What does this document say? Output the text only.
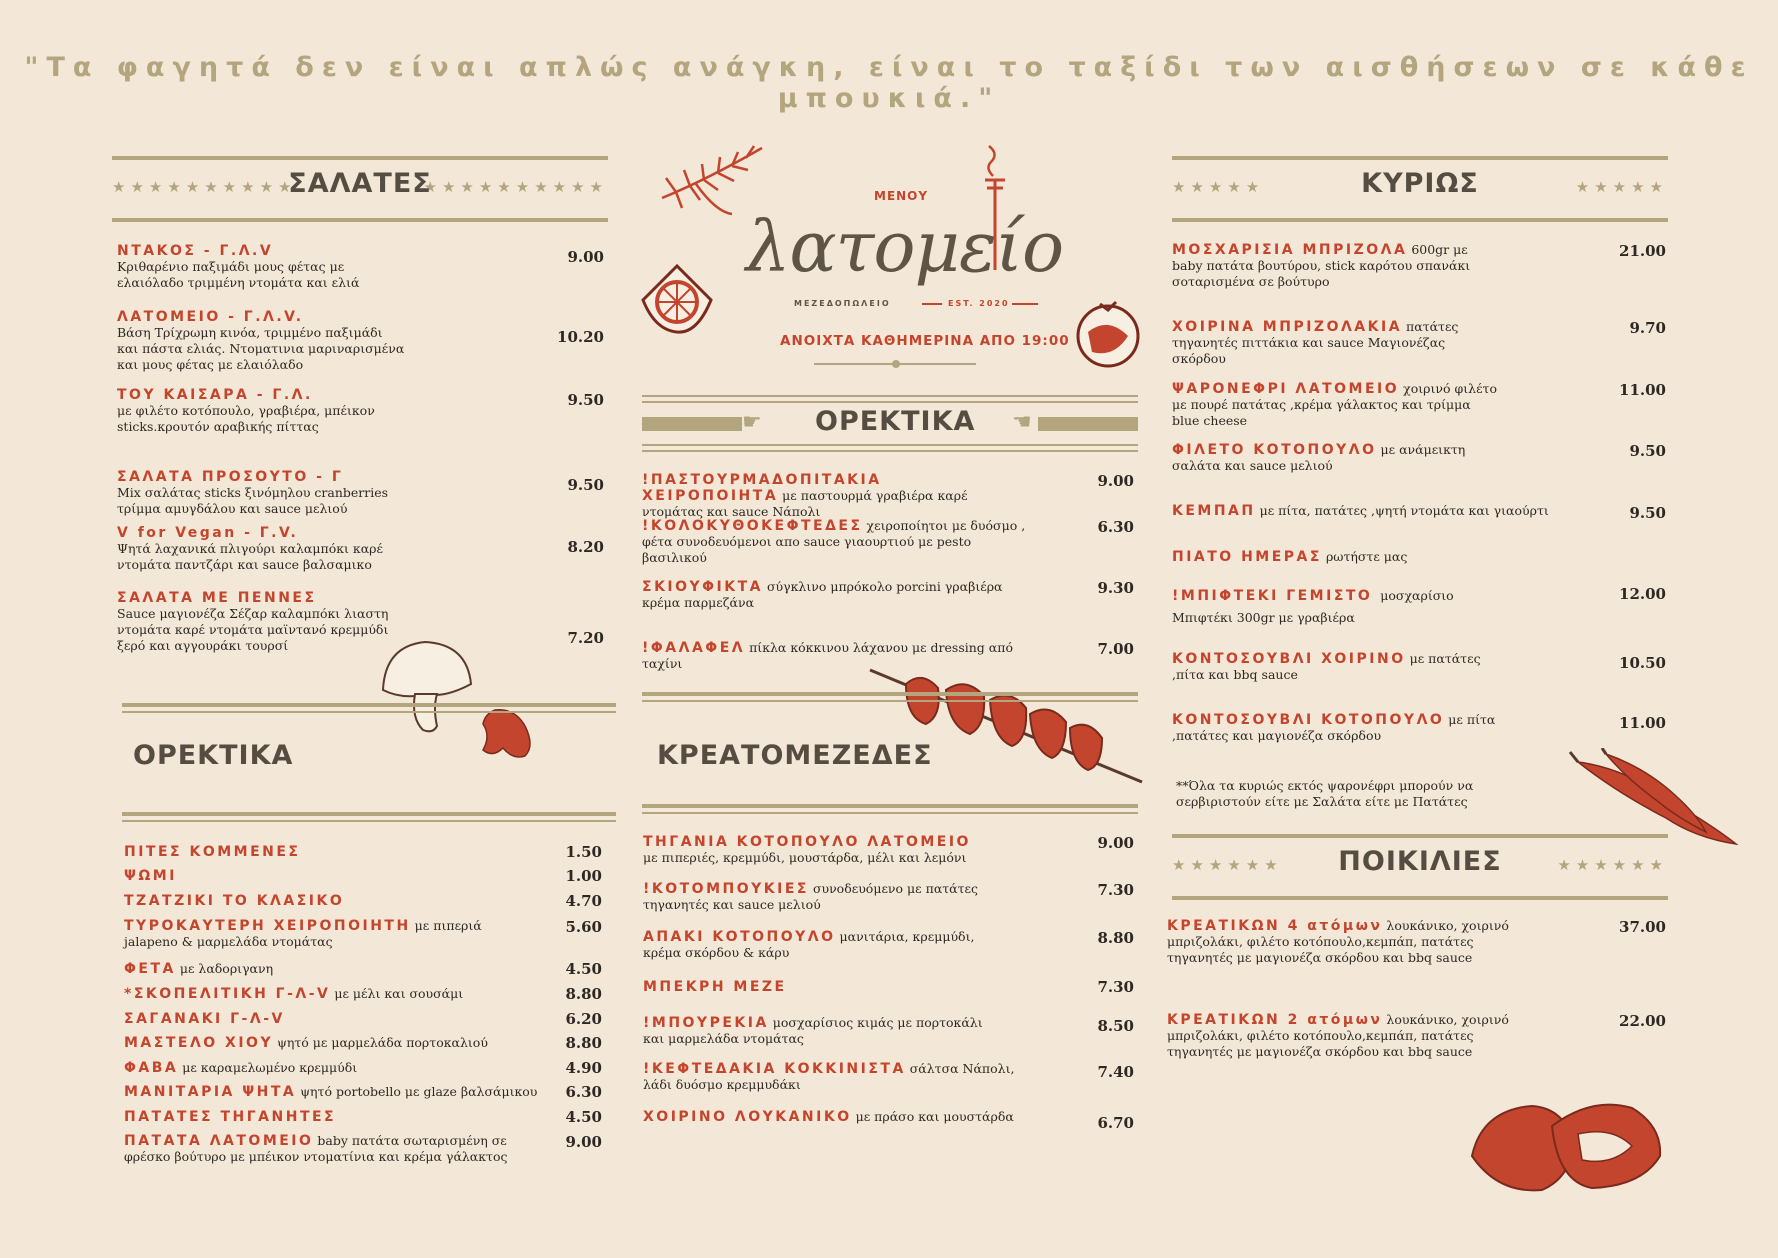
"Τα φαγητά δεν είναι απλώς ανάγκη, είναι το ταξίδι των αισθήσεων σε κάθε μπουκιά."
★★★★★★★★★★	★★★★★★★★★★
ΣΑΛΑΤΕΣ
ΝΤΑΚΟΣ - Γ.Λ.V
Κριθαρένιο παξιμάδι μους φέτας με ελαιόλαδο τριμμένη ντομάτα και ελιά
9.00
ΛΑΤΟΜΕΙΟ - Γ.Λ.V.
Βάση Τρίχρωμη κινόα, τριμμένο παξιμάδι και πάστα ελιάς. Ντοματινια μαριναρισμένα και μους φέτας με ελαιόλαδο
10.20
ΤΟΥ ΚΑΙΣΑΡΑ - Γ.Λ.
με φιλέτο κοτόπουλο, γραβιέρα, μπέικον sticks.κρουτόν αραβικής πίττας
9.50
ΣΑΛΑΤΑ ΠΡΟΣΟΥΤΟ - Γ
Mix σαλάτας sticks ξινόμηλου cranberries τρίμμα αμυγδάλου και sauce μελιού
9.50
V for Vegan - Γ.V.
Ψητά λαχανικά πλιγούρι καλαμπόκι καρέ ντομάτα παντζάρι και sauce βαλσαμικο
8.20
ΣΑΛΑΤΑ ΜΕ ΠΕΝΝΕΣ
Sauce μαγιονέζα Σέζαρ καλαμπόκι λιαστη ντομάτα καρέ ντομάτα μαϊντανό κρεμμύδι ξερό και αγγουράκι τουρσί	7.20
ΟΡΕΚΤΙΚΑ
ΠΙΤΕΣ ΚΟΜΜΕΝΕΣ	1.50
ΨΩΜΙ	1.00
ΤΖΑΤΖΙΚΙ ΤΟ ΚΛΑΣΙΚΟ	4.70
ΤΥΡΟΚΑΥΤΕΡΗ ΧΕΙΡΟΠΟΙΗΤΗ με πιπεριά jalapeno & μαρμελάδα ντομάτας
5.60
ΦΕΤΑ με λαδοριγανη	4.50
*ΣΚΟΠΕΛΙΤΙΚΗ Γ-Λ-V με μέλι και σουσάμι	8.80
ΣΑΓΑΝΑΚΙ Γ-Λ-V	6.20
ΜΑΣΤΕΛΟ ΧΙΟΥ ψητό με μαρμελάδα πορτοκαλιού	8.80
ΦΑΒΑ με καραμελωμένο κρεμμύδι	4.90
ΜΑΝΙΤΑΡΙΑ ΨΗΤΑ ψητό portobello με glaze βαλσάμικου 6.30
ΠΑΤΑΤΕΣ ΤΗΓΑΝΗΤΕΣ	4.50
ΠΑΤΑΤΑ ΛΑΤΟΜΕΙΟ baby πατάτα σωταρισμένη σε φρέσκο βούτυρο με μπέικον ντοματίνια και κρέμα γάλακτος
9.00
ΜΕΝΟΥ
λατομείο
ΜΕΖΕΔΟΠΩΛΕΙΟ	EST. 2020
ΑΝΟΙΧΤΑ ΚΑΘΗΜΕΡΙΝΑ ΑΠΟ 19:00
☛ ΟΡΕΚΤΙΚΑ ☚
!ΠΑΣΤΟΥΡΜΑΔΟΠΙΤΑΚΙΑ ΧΕΙΡΟΠΟΙΗΤΑ με παστουρμά γραβιέρα καρέ ντομάτας και sauce Νάπολι
9.00
!ΚΟΛΟΚΥΘΟΚΕΦΤΕΔΕΣ χειροποίητοι με δυόσμο , φέτα συνοδευόμενοι απο sauce γιαουρτιού με pesto βασιλικού
6.30
ΣΚΙΟΥΦΙΚΤΑ σύγκλινο μπρόκολο porcini γραβιέρα κρέμα παρμεζάνα
9.30
!ΦΑΛΑΦΕΛ πίκλα κόκκινου λάχανου με dressing από ταχίνι
7.00
ΚΡΕΑΤΟΜΕΖΕΔΕΣ
ΤΗΓΑΝΙΑ ΚΟΤΟΠΟΥΛΟ ΛΑΤΟΜΕΙΟ
με πιπεριές, κρεμμύδι, μουστάρδα, μέλι και λεμόνι
9.00
!ΚΟΤΟΜΠΟΥΚΙΕΣ συνοδευόμενο με πατάτες τηγανητές και sauce μελιού
7.30
ΑΠΑΚΙ ΚΟΤΟΠΟΥΛΟ μανιτάρια, κρεμμύδι, κρέμα σκόρδου & κάρυ
8.80
ΜΠΕΚΡΗ ΜΕΖΕ	7.30
!ΜΠΟΥΡΕΚΙΑ μοσχαρίσιος κιμάς με πορτοκάλι και μαρμελάδα ντομάτας
8.50
!ΚΕΦΤΕΔΑΚΙΑ ΚΟΚΚΙΝΙΣΤΑ σάλτσα Νάπολι, λάδι δυόσμο κρεμμυδάκι
7.40
ΧΟΙΡΙΝΟ ΛΟΥΚΑΝΙΚΟ με πράσο και μουστάρδα	6.70
★★★★★	★★★★★
ΚΥΡΙΩΣ
ΜΟΣΧΑΡΙΣΙΑ ΜΠΡΙΖΟΛΑ 600gr με baby πατάτα βουτύρου, stick καρότου σπανάκι σοταρισμένα σε βούτυρο
21.00
ΧΟΙΡΙΝΑ ΜΠΡΙΖΟΛΑΚΙΑ πατάτες τηγανητές πιττάκια και sauce Μαγιονέζας σκόρδου
9.70
ΨΑΡΟΝΕΦΡΙ ΛΑΤΟΜΕΙΟ χοιρινό φιλέτο με πουρέ πατάτας ,κρέμα γάλακτος και τρίμμα blue cheese
11.00
ΦΙΛΕΤΟ ΚΟΤΟΠΟΥΛΟ με ανάμεικτη σαλάτα και sauce μελιού
9.50
ΚΕΜΠΑΠ με πίτα, πατάτες ,ψητή ντομάτα και γιαούρτι	9.50
ΠΙΑΤΟ ΗΜΕΡΑΣ ρωτήστε μας
!ΜΠΙΦΤΕΚΙ ΓΕΜΙΣΤΟ μοσχαρίσιο Μπιφτέκι 300gr με γραβιέρα
12.00
ΚΟΝΤΟΣΟΥΒΛΙ ΧΟΙΡΙΝΟ με πατάτες ,πίτα και bbq sauce
10.50
ΚΟΝΤΟΣΟΥΒΛΙ ΚΟΤΟΠΟΥΛΟ με πίτα ,πατάτες και μαγιονέζα σκόρδου
11.00
**Όλα τα κυριώς εκτός ψαρονέφρι μπορούν να σερβιριστούν είτε με Σαλάτα είτε με Πατάτες
★★★★★★	★★★★★★
ΠΟΙΚΙΛΙΕΣ
ΚΡΕΑΤΙΚΩΝ 4 ατόμων λουκάνικο, χοιρινό μπριζολάκι, φιλέτο κοτόπουλο,κεμπάπ, πατάτες τηγανητές με μαγιονέζα σκόρδου και bbq sauce
37.00
ΚΡΕΑΤΙΚΩΝ 2 ατόμων λουκάνικο, χοιρινό μπριζολάκι, φιλέτο κοτόπουλο,κεμπάπ, πατάτες τηγανητές με μαγιονέζα σκόρδου και bbq sauce
22.00
